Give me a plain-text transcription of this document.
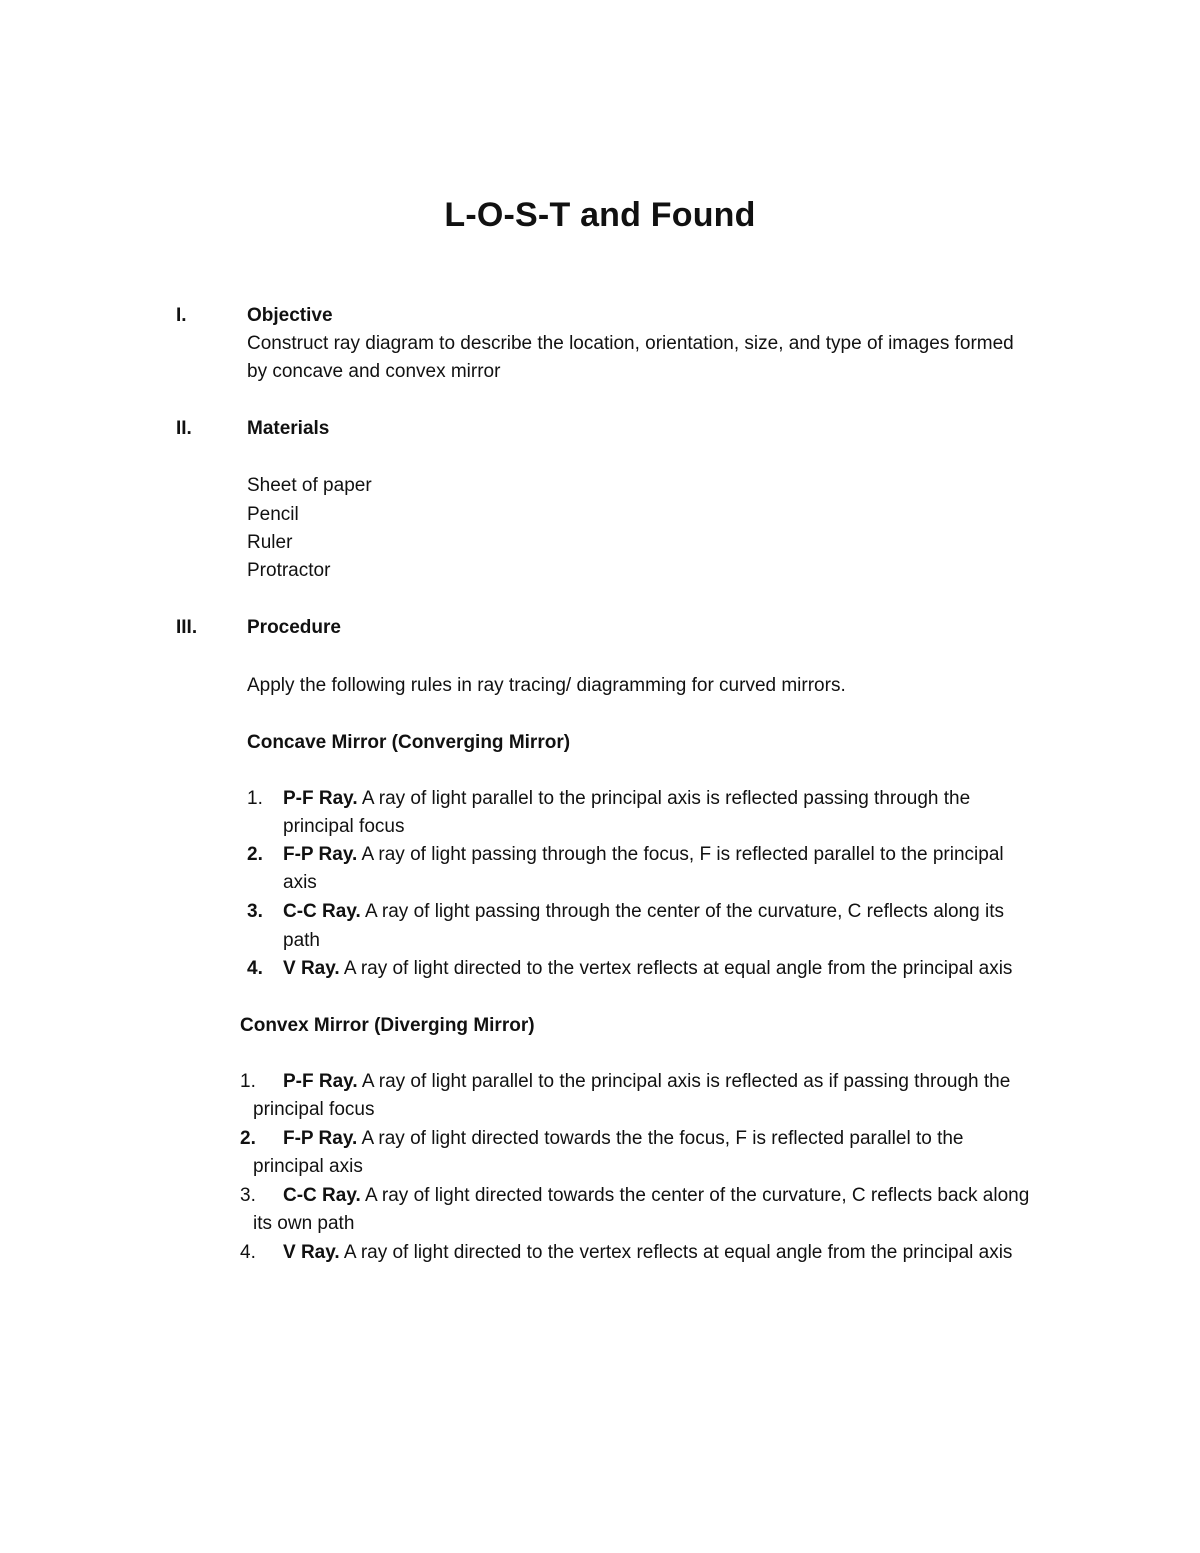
L-O-S-T and Found
I.	Objective
Construct ray diagram to describe the location, orientation, size, and type of images formed
by concave and convex mirror
II.	Materials
Sheet of paper
Pencil
Ruler
Protractor
III.	Procedure
Apply the following rules in ray tracing/ diagramming for curved mirrors.
Concave Mirror (Converging Mirror)
1. P-F Ray. A ray of light parallel to the principal axis is reflected passing through the
principal focus
2. F-P Ray. A ray of light passing through the focus, F is reflected parallel to the principal
axis
3. C-C Ray. A ray of light passing through the center of the curvature, C reflects along its
path
4. V Ray. A ray of light directed to the vertex reflects at equal angle from the principal axis
Convex Mirror (Diverging Mirror)
1. P-F Ray. A ray of light parallel to the principal axis is reflected as if passing through the
principal focus
2. F-P Ray. A ray of light directed towards the the focus, F is reflected parallel to the
principal axis
3. C-C Ray. A ray of light directed towards the center of the curvature, C reflects back along
its own path
4. V Ray. A ray of light directed to the vertex reflects at equal angle from the principal axis
